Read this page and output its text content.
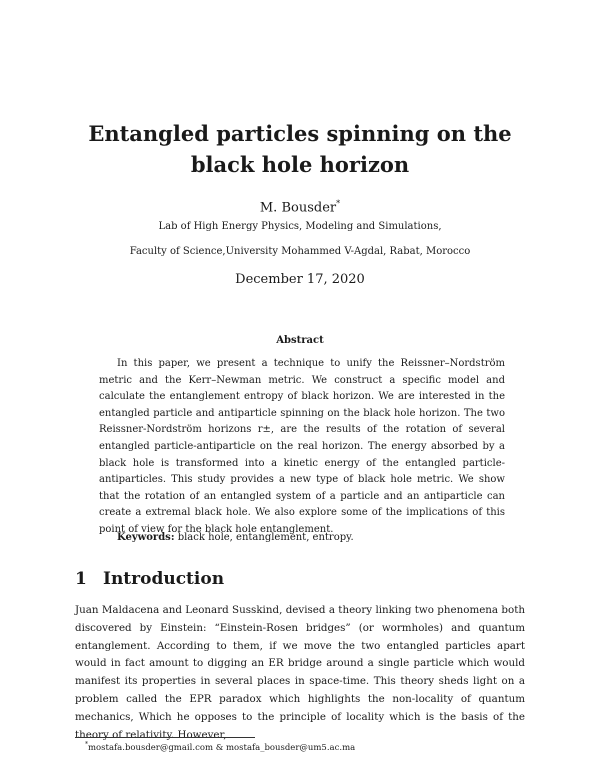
Entangled particles spinning on the black hole horizon
M. Bousder*
Lab of High Energy Physics, Modeling and Simulations,
Faculty of Science,University Mohammed V-Agdal, Rabat, Morocco
December 17, 2020
Abstract
In this paper, we present a technique to unify the Reissner–Nordström metric and the Kerr–Newman metric. We construct a specific model and calculate the entanglement entropy of black horizon. We are interested in the entangled particle and antiparticle spinning on the black hole horizon. The two Reissner-Nordström horizons r±, are the results of the rotation of several entangled particle-antiparticle on the real horizon. The energy absorbed by a black hole is transformed into a kinetic energy of the entangled particle-antiparticles. This study provides a new type of black hole metric. We show that the rotation of an entangled system of a particle and an antiparticle can create a extremal black hole. We also explore some of the implications of this point of view for the black hole entanglement.
Keywords: black hole, entanglement, entropy.
1 Introduction
Juan Maldacena and Leonard Susskind, devised a theory linking two phenomena both discovered by Einstein: “Einstein-Rosen bridges” (or wormholes) and quantum entanglement. According to them, if we move the two entangled particles apart would in fact amount to digging an ER bridge around a single particle which would manifest its properties in several places in space-time. This theory sheds light on a problem called the EPR paradox which highlights the non-locality of quantum mechanics, Which he opposes to the principle of locality which is the basis of the theory of relativity. However,
*mostafa.bousder@gmail.com & mostafa_bousder@um5.ac.ma
